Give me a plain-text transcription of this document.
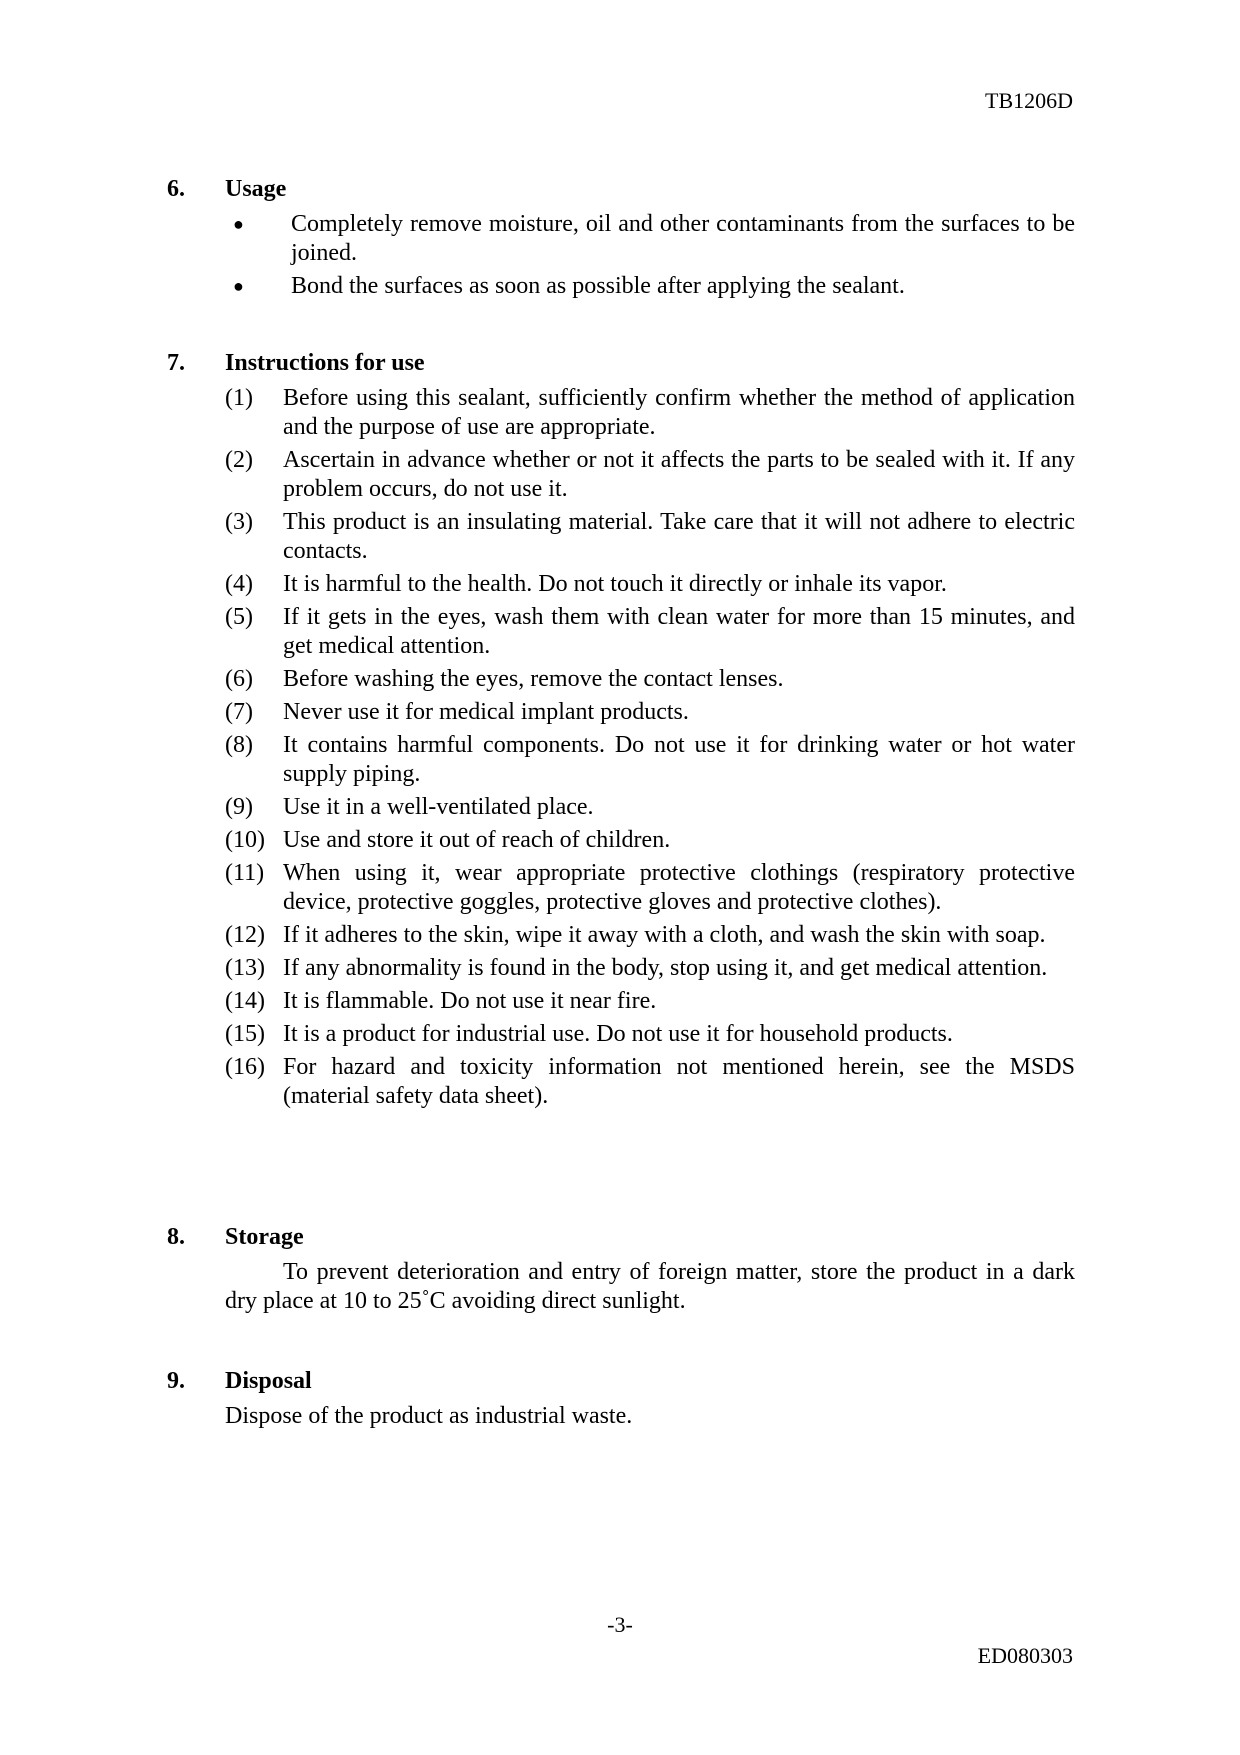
TB1206D
6.	Usage
●	Completely remove moisture, oil and other contaminants from the surfaces to be joined.
●	Bond the surfaces as soon as possible after applying the sealant.
7.	Instructions for use
(1)	Before using this sealant, sufficiently confirm whether the method of application and the purpose of use are appropriate.
(2)	Ascertain in advance whether or not it affects the parts to be sealed with it. If any problem occurs, do not use it.
(3)	This product is an insulating material. Take care that it will not adhere to electric contacts.
(4)	It is harmful to the health. Do not touch it directly or inhale its vapor.
(5)	If it gets in the eyes, wash them with clean water for more than 15 minutes, and get medical attention.
(6)	Before washing the eyes, remove the contact lenses.
(7)	Never use it for medical implant products.
(8)	It contains harmful components. Do not use it for drinking water or hot water supply piping.
(9)	Use it in a well-ventilated place.
(10) Use and store it out of reach of children.
(11) When using it, wear appropriate protective clothings (respiratory protective device, protective goggles, protective gloves and protective clothes).
(12) If it adheres to the skin, wipe it away with a cloth, and wash the skin with soap.
(13) If any abnormality is found in the body, stop using it, and get medical attention.
(14) It is flammable. Do not use it near fire.
(15) It is a product for industrial use. Do not use it for household products.
(16) For hazard and toxicity information not mentioned herein, see the MSDS (material safety data sheet).
8.	Storage
To prevent deterioration and entry of foreign matter, store the product in a dark dry place at 10 to 25˚C avoiding direct sunlight.
9.	Disposal
Dispose of the product as industrial waste.
-3-
ED080303
